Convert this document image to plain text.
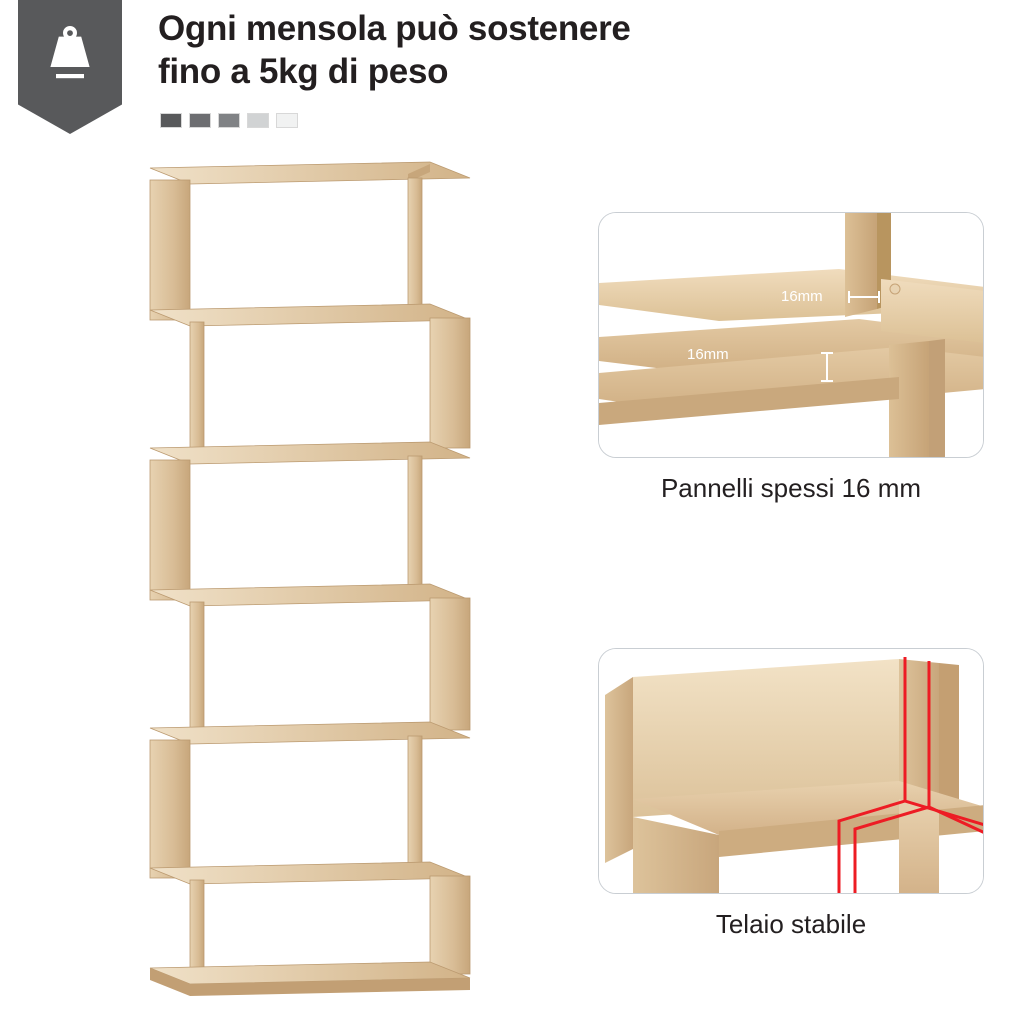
Ogni mensola può sostenere
fino a 5kg di peso
16mm
16mm
Pannelli spessi 16 mm
Telaio stabile
